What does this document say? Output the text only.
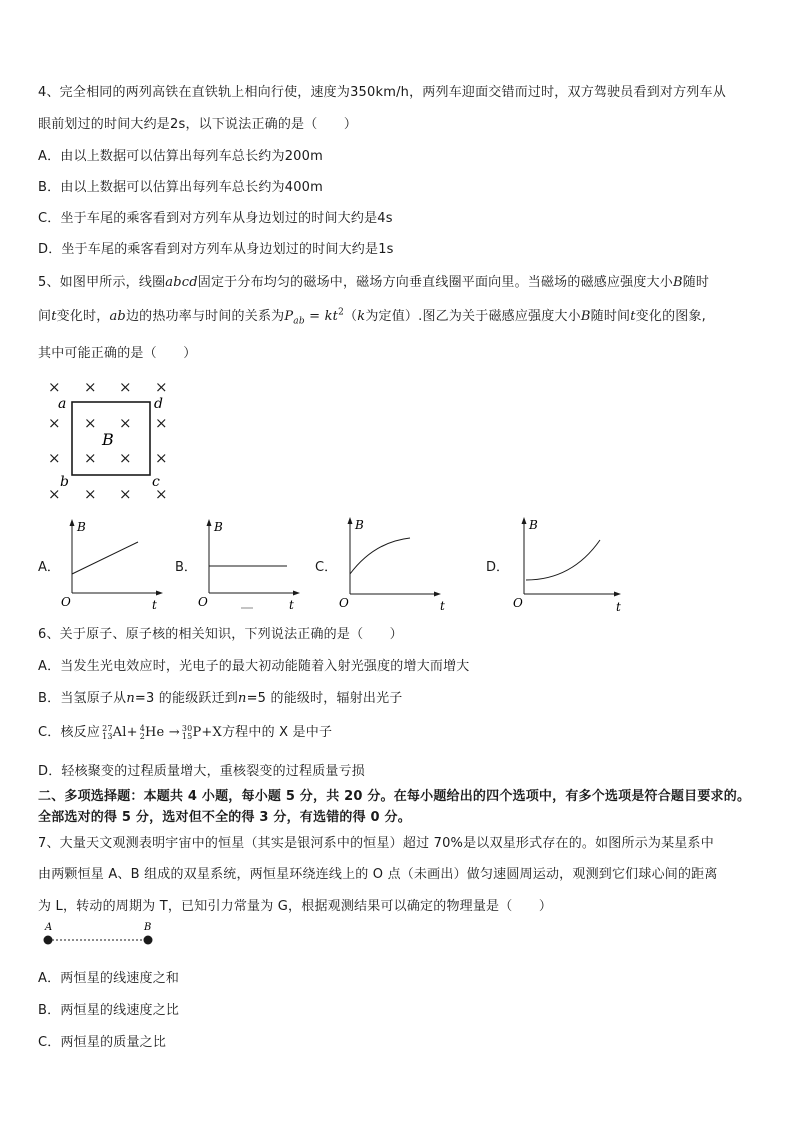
4、完全相同的两列高铁在直铁轨上相向行使，速度为350km/h，两列车迎面交错而过时，双方驾驶员看到对方列车从
眼前划过的时间大约是2s，以下说法正确的是（　　）
A．由以上数据可以估算出每列车总长约为200m
B．由以上数据可以估算出每列车总长约为400m
C．坐于车尾的乘客看到对方列车从身边划过的时间大约是4s
D．坐于车尾的乘客看到对方列车从身边划过的时间大约是1s
5、如图甲所示，线圈abcd固定于分布均匀的磁场中，磁场方向垂直线圈平面向里。当磁场的磁感应强度大小B随时
间t变化时，ab边的热功率与时间的关系为$P_{ab} = kt^2(k$为定值）.图乙为关于磁感应强度大小B随时间t变化的图象,
其中可能正确的是（　　）
× × × ×
× × × ×
× × × ×
× × × ×
a	d
b	c
B
A．
B
t
O
B．
B
t
O
C．
B
t
O
D．
B
t
O
6、关于原子、原子核的相关知识，下列说法正确的是（　　）
A．当发生光电效应时，光电子的最大初动能随着入射光强度的增大而增大
B．当氢原子从n=3 的能级跃迁到n=5 的能级时，辐射出光子
C．核反应 27
13Al+ 4
2He → 30
15P+X方程中的 X 是中子
D．轻核聚变的过程质量增大，重核裂变的过程质量亏损
二、多项选择题：本题共 4 小题，每小题 5 分，共 20 分。在每小题给出的四个选项中，有多个选项是符合题目要求的。
全部选对的得 5 分，选对但不全的得 3 分，有选错的得 0 分。
7、大量天文观测表明宇宙中的恒星（其实是银河系中的恒星）超过 70%是以双星形式存在的。如图所示为某星系中
由两颗恒星 A、B 组成的双星系统，两恒星环绕连线上的 O 点（未画出）做匀速圆周运动，观测到它们球心间的距离
为 L，转动的周期为 T，已知引力常量为 G，根据观测结果可以确定的物理量是（　　）
A	B
A．两恒星的线速度之和
B．两恒星的线速度之比
C．两恒星的质量之比
